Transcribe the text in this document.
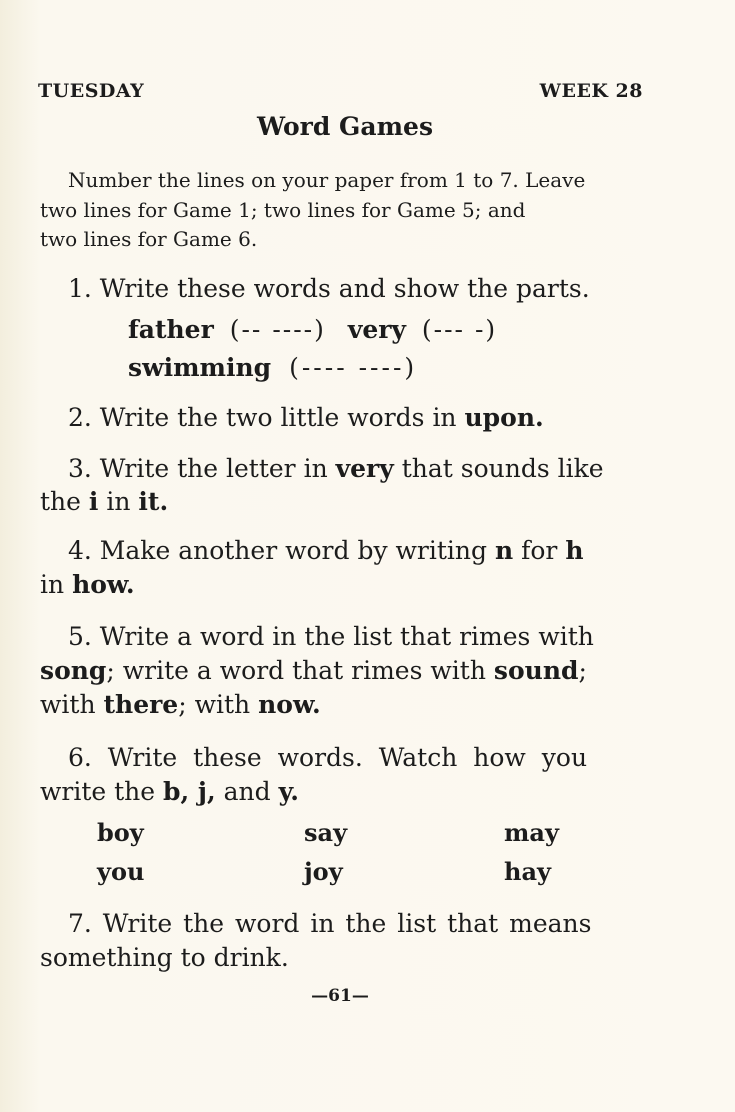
TUESDAY	WEEK 28
Word Games
Number the lines on your paper from 1 to 7. Leave
two lines for Game 1; two lines for Game 5; and
two lines for Game 6.
1. Write these words and show the parts.
father (-- ----) very (--- -)
swimming (---- ----)
2. Write the two little words in upon.
3. Write the letter in very that sounds like
the i in it.
4. Make another word by writing n for h
in how.
5. Write a word in the list that rimes with
song; write a word that rimes with sound;
with there; with now.
6. Write these words. Watch how you
write the b, j, and y.
boy	say	may
you	joy	hay
7. Write the word in the list that means
something to drink.
—61—
